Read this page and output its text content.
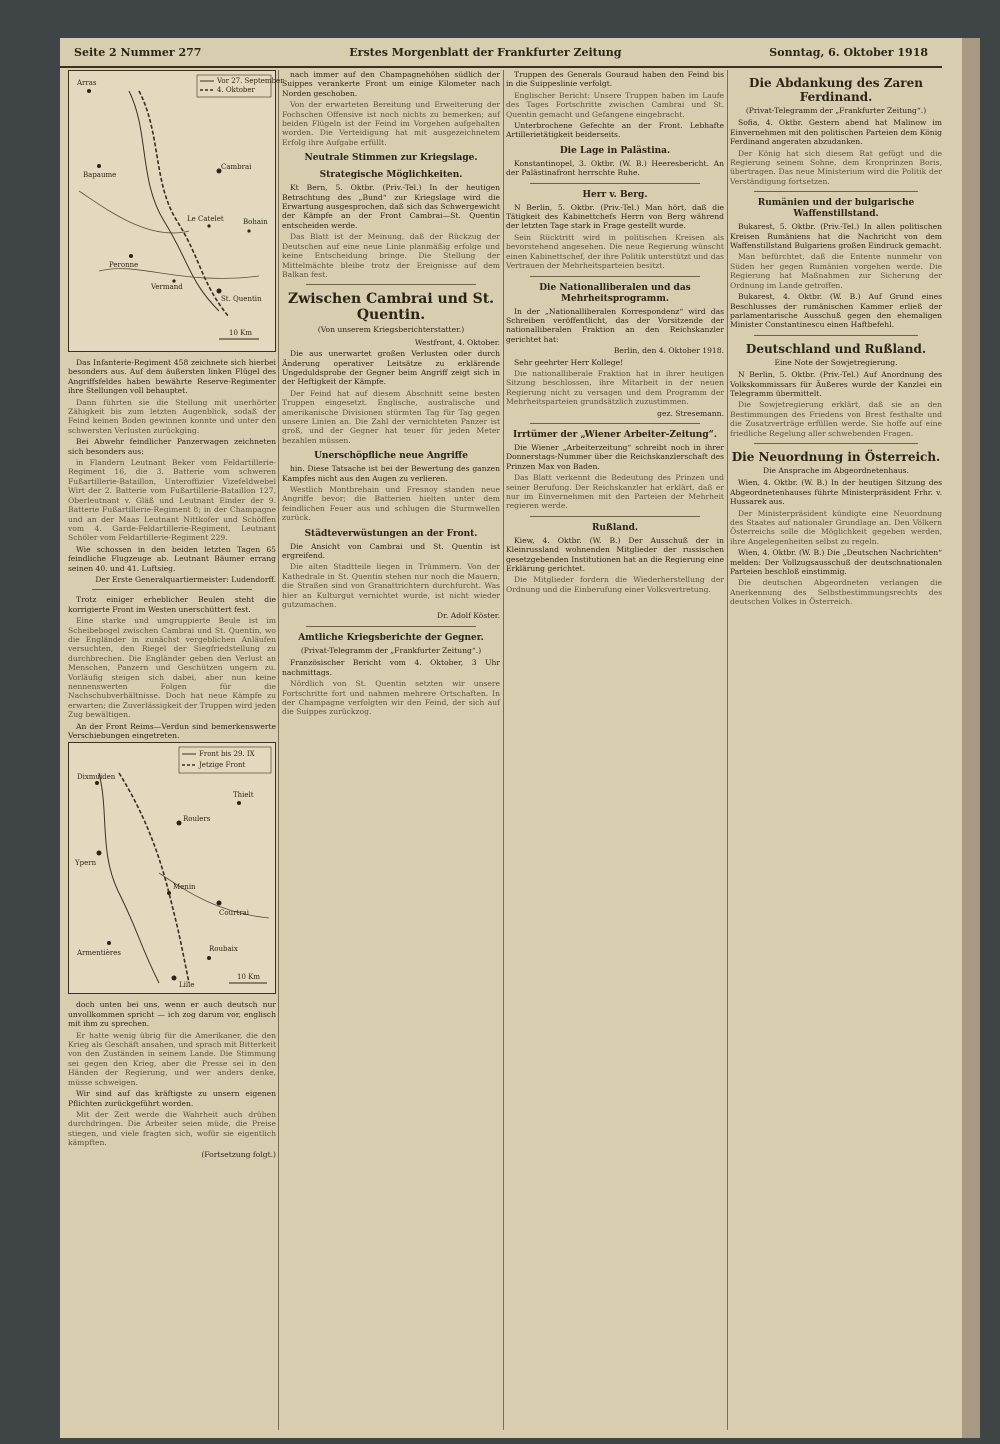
Seite 2 Nummer 277	Erstes Morgenblatt der Frankfurter Zeitung	Sonntag, 6. Oktober 1918
Vor 27. September
4. Oktober
Arras
Bapaume
Cambrai
Peronne
St. Quentin
Le Catelet	Bohain
Vermand
10 Km

Das Infanterie-Regiment 458 zeichnete sich hierbei besonders aus. Auf dem äußersten linken Flügel des Angriffsfeldes haben bewährte Reserve-Regimenter ihre Stellungen voll behauptet.

Dann führten sie die Stellung mit unerhörter Zähigkeit bis zum letzten Augenblick, sodaß der Feind keinen Boden gewinnen konnte und unter den schwersten Verlusten zurückging.

Bei Abwehr feindlicher Panzerwagen zeichneten sich besonders aus:

in Flandern Leutnant Beker vom Feldartillerie-Regiment 16, die 3. Batterie vom schweren Fußartillerie-Bataillon, Unteroffizier Vizefeldwebel Wirt der 2. Batterie vom Fußartillerie-Bataillon 127, Oberleutnant v. Gläß und Leutnant Einder der 9. Batterie Fußartillerie-Regiment 8; in der Champagne und an der Maas Leutnant Nittkofer und Schöffen vom 4. Garde-Feldartillerie-Regiment, Leutnant Schöler vom Feldartillerie-Regiment 229.

Wie schossen in den beiden letzten Tagen 65 feindliche Flugzeuge ab. Leutnant Bäumer errang seinen 40. und 41. Luftsieg.

Der Erste Generalquartiermeister: Ludendorff.

Trotz einiger erheblicher Beulen steht die korrigierte Front im Westen unerschüttert fest.

Eine starke und umgruppierte Beule ist im Scheibebogel zwischen Cambrai und St. Quentin, wo die Engländer in zunächst vergeblichen Anläufen versuchten, den Riegel der Siegfriedstellung zu durchbrechen. Die Engländer geben den Verlust an Menschen, Panzern und Geschützen ungern zu. Vorläufig steigen sich dabei, aber nun keine nennenswerten Folgen für die Nachschubverhältnisse. Doch hat neue Kämpfe zu erwarten; die Zuverlässigkeit der Truppen wird jeden Zug bewältigen.

An der Front Reims—Verdun sind bemerkenswerte Verschiebungen eingetreten.

Front bis 29. IX
Jetzige Front
Dixmuiden
Ypern
Roulers
Thielt
Menin
Courtrai
Roubaix
Armentières
Lille
10 Km

doch unten bei uns, wenn er auch deutsch nur unvollkommen spricht — ich zog darum vor, englisch mit ihm zu sprechen.

Er hatte wenig übrig für die Amerikaner, die den Krieg als Geschäft ansahen, und sprach mit Bitterkeit von den Zuständen in seinem Lande. Die Stimmung sei gegen den Krieg, aber die Presse sei in den Händen der Regierung, und wer anders denke, müsse schweigen.

Wir sind auf das kräftigste zu unsern eigenen Pflichten zurückgeführt worden.

Mit der Zeit werde die Wahrheit auch drüben durchdringen. Die Arbeiter seien müde, die Preise stiegen, und viele fragten sich, wofür sie eigentlich kämpften.

(Fortsetzung folgt.)

nach immer auf den Champagnehöhen südlich der Suippes verankerte Front um einige Kilometer nach Norden geschoben.

Von der erwarteten Bereitung und Erweiterung der Fochschen Offensive ist noch nichts zu bemerken; auf beiden Flügeln ist der Feind im Vorgehen aufgehalten worden. Die Verteidigung hat mit ausgezeichnetem Erfolg ihre Aufgabe erfüllt.

Neutrale Stimmen zur Kriegslage.
Strategische Möglichkeiten.

Kt Bern, 5. Oktbr. (Priv.-Tel.) In der heutigen Betrachtung des „Bund“ zur Kriegslage wird die Erwartung ausgesprochen, daß sich das Schwergewicht der Kämpfe an der Front Cambrai—St. Quentin entscheiden werde.

Das Blatt ist der Meinung, daß der Rückzug der Deutschen auf eine neue Linie planmäßig erfolge und keine Entscheidung bringe. Die Stellung der Mittelmächte bleibe trotz der Ereignisse auf dem Balkan fest.

Zwischen Cambrai und St. Quentin.
(Von unserem Kriegsberichterstatter.)
Westfront, 4. Oktober.

Die aus unerwartet großen Verlusten oder durch Änderung operativer Leitsätze zu erklärende Ungeduldsprobe der Gegner beim Angriff zeigt sich in der Heftigkeit der Kämpfe.

Der Feind hat auf diesem Abschnitt seine besten Truppen eingesetzt. Englische, australische und amerikanische Divisionen stürmten Tag für Tag gegen unsere Linien an. Die Zahl der vernichteten Panzer ist groß, und der Gegner hat teuer für jeden Meter bezahlen müssen.

Unerschöpfliche neue Angriffe

hin. Diese Tatsache ist bei der Bewertung des ganzen Kampfes nicht aus den Augen zu verlieren.

Westlich Montbrehain und Fresnoy standen neue Angriffe bevor; die Batterien hielten unter dem feindlichen Feuer aus und schlugen die Sturmwellen zurück.

Städteverwüstungen an der Front.

Die Ansicht von Cambrai und St. Quentin ist ergreifend.

Die alten Stadtteile liegen in Trümmern. Von der Kathedrale in St. Quentin stehen nur noch die Mauern, die Straßen sind von Granattrichtern durchfurcht. Was hier an Kulturgut vernichtet wurde, ist nicht wieder gutzumachen.

Dr. Adolf Köster.
Amtliche Kriegsberichte der Gegner.
(Privat-Telegramm der „Frankfurter Zeitung“.)

Französischer Bericht vom 4. Oktober, 3 Uhr nachmittags.

Nördlich von St. Quentin setzten wir unsere Fortschritte fort und nahmen mehrere Ortschaften. In der Champagne verfolgten wir den Feind, der sich auf die Suippes zurückzog.

Truppen des Generals Gouraud haben den Feind bis in die Suippeslinie verfolgt.

Englischer Bericht: Unsere Truppen haben im Laufe des Tages Fortschritte zwischen Cambrai und St. Quentin gemacht und Gefangene eingebracht.

Unterbrochene Gefechte an der Front. Lebhafte Artillerietätigkeit beiderseits.

Die Lage in Palästina.

Konstantinopel, 3. Oktbr. (W. B.) Heeresbericht. An der Palästinafront herrschte Ruhe.

Herr v. Berg.

N Berlin, 5. Oktbr. (Priv.-Tel.) Man hört, daß die Tätigkeit des Kabinettchefs Herrn von Berg während der letzten Tage stark in Frage gestellt wurde.

Sein Rücktritt wird in politischen Kreisen als bevorstehend angesehen. Die neue Regierung wünscht einen Kabinettschef, der ihre Politik unterstützt und das Vertrauen der Mehrheitsparteien besitzt.

Die Nationalliberalen und das Mehrheitsprogramm.

In der „Nationalliberalen Korrespondenz“ wird das Schreiben veröffentlicht, das der Vorsitzende der nationalliberalen Fraktion an den Reichskanzler gerichtet hat:

Berlin, den 4. Oktober 1918.

Sehr geehrter Herr Kollege!

Die nationalliberale Fraktion hat in ihrer heutigen Sitzung beschlossen, ihre Mitarbeit in der neuen Regierung nicht zu versagen und dem Programm der Mehrheitsparteien grundsätzlich zuzustimmen.

gez. Stresemann.
Irrtümer der „Wiener Arbeiter-Zeitung“.

Die Wiener „Arbeiterzeitung“ schreibt noch in ihrer Donnerstags-Nummer über die Reichskanzlerschaft des Prinzen Max von Baden.

Das Blatt verkennt die Bedeutung des Prinzen und seiner Berufung. Der Reichskanzler hat erklärt, daß er nur im Einvernehmen mit den Parteien der Mehrheit regieren werde.

Rußland.

Kiew, 4. Oktbr. (W. B.) Der Ausschuß der in Kleinrussland wohnenden Mitglieder der russischen gesetzgebenden Institutionen hat an die Regierung eine Erklärung gerichtet.

Die Mitglieder fordern die Wiederherstellung der Ordnung und die Einberufung einer Volksvertretung.

Die Abdankung des Zaren Ferdinand.
(Privat-Telegramm der „Frankfurter Zeitung“.)

Sofia, 4. Oktbr. Gestern abend hat Malinow im Einvernehmen mit den politischen Parteien dem König Ferdinand angeraten abzudanken.

Der König hat sich diesem Rat gefügt und die Regierung seinem Sohne, dem Kronprinzen Boris, übertragen. Das neue Ministerium wird die Politik der Verständigung fortsetzen.

Rumänien und der bulgarische Waffenstillstand.

Bukarest, 5. Oktbr. (Priv.-Tel.) In allen politischen Kreisen Rumäniens hat die Nachricht von dem Waffenstillstand Bulgariens großen Eindruck gemacht.

Man befürchtet, daß die Entente nunmehr von Süden her gegen Rumänien vorgehen werde. Die Regierung hat Maßnahmen zur Sicherung der Ordnung im Lande getroffen.

Bukarest, 4. Oktbr. (W. B.) Auf Grund eines Beschlusses der rumänischen Kammer erließ der parlamentarische Ausschuß gegen den ehemaligen Minister Constantinescu einen Haftbefehl.

Deutschland und Rußland.
Eine Note der Sowjetregierung.

N Berlin, 5. Oktbr. (Priv.-Tel.) Auf Anordnung des Volkskommissars für Äußeres wurde der Kanzlei ein Telegramm übermittelt.

Die Sowjetregierung erklärt, daß sie an den Bestimmungen des Friedens von Brest festhalte und die Zusatzverträge erfüllen werde. Sie hoffe auf eine friedliche Regelung aller schwebenden Fragen.

Die Neuordnung in Österreich.
Die Ansprache im Abgeordnetenhaus.

Wien, 4. Oktbr. (W. B.) In der heutigen Sitzung des Abgeordnetenhauses führte Ministerpräsident Frhr. v. Hussarek aus.

Der Ministerpräsident kündigte eine Neuordnung des Staates auf nationaler Grundlage an. Den Völkern Österreichs solle die Möglichkeit gegeben werden, ihre Angelegenheiten selbst zu regeln.

Wien, 4. Oktbr. (W. B.) Die „Deutschen Nachrichten“ melden: Der Vollzugsausschuß der deutschnationalen Parteien beschloß einstimmig.

Die deutschen Abgeordneten verlangen die Anerkennung des Selbstbestimmungsrechts des deutschen Volkes in Österreich.
